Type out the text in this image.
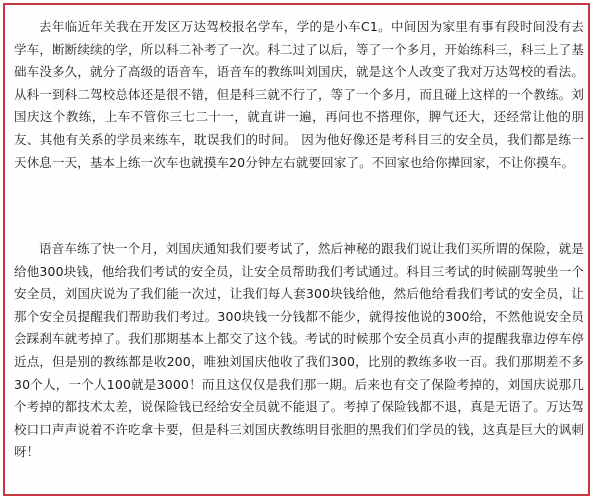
去年临近年关我在开发区万达驾校报名学车，学的是小车C1。中间因为家里有事有段时间没有去学车，断断续续的学，所以科二补考了一次。科二过了以后，等了一个多月，开始练科三，科三上了基础车没多久，就分了高级的语音车，语音车的教练叫刘国庆，就是这个人改变了我对万达驾校的看法。从科一到科二驾校总体还是很不错，但是科三就不行了，等了一个多月，而且碰上这样的一个教练。刘国庆这个教练，上车不管你三七二十一，就直讲一遍，再问也不搭理你，脾气还大，还经常让他的朋友、其他有关系的学员来练车，耽误我们的时间。 因为他好像还是考科目三的安全员，我们都是练一天休息一天，基本上练一次车也就摸车20分钟左右就要回家了。不回家也给你撵回家，不让你摸车。

语音车练了快一个月，刘国庆通知我们要考试了，然后神秘的跟我们说让我们买所谓的保险，就是给他300块钱，他给我们考试的安全员，让安全员帮助我们考试通过。科目三考试的时候副驾驶坐一个安全员，刘国庆说为了我们能一次过，让我们每人套300块钱给他，然后他给看我们考试的安全员，让那个安全员提醒我们帮助我们考过。300块钱一分钱都不能少，就得按他说的300给，不然他说安全员会踩刹车就考掉了。我们那期基本上都交了这个钱。考试的时候那个安全员真小声的提醒我靠边停车停近点，但是别的教练都是收200，唯独刘国庆他收了我们300，比别的教练多收一百。我们那期差不多30个人，一个人100就是3000！而且这仅仅是我们那一期。后来也有交了保险考掉的，刘国庆说那几个考掉的都技术太差，说保险钱已经给安全员就不能退了。考掉了保险钱都不退，真是无语了。万达驾校口口声声说着不许吃拿卡要，但是科三刘国庆教练明目张胆的黑我们们学员的钱，这真是巨大的讽刺呀！
